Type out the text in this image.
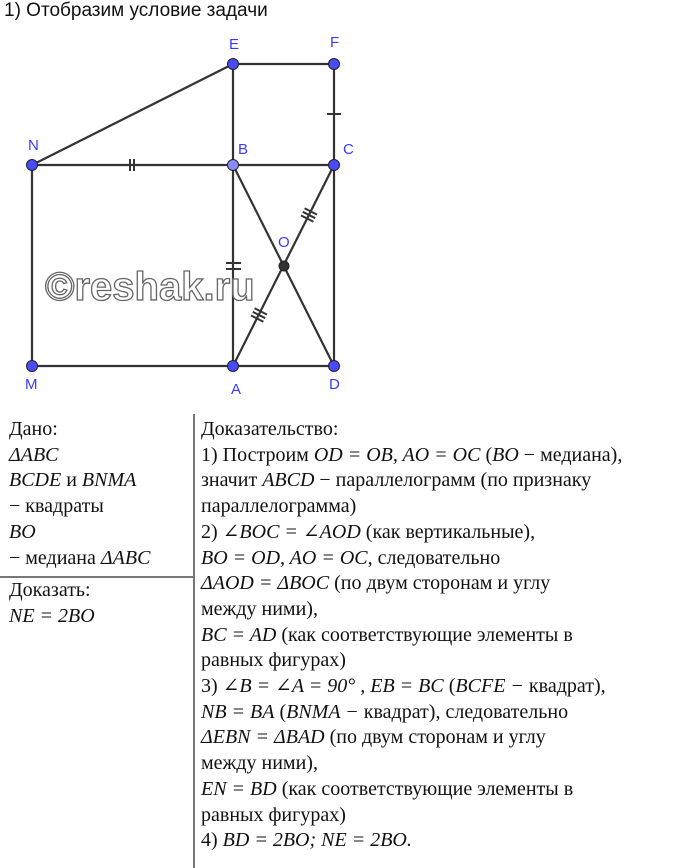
1) Отобразим условие задачи
©reshak.ru
E	F
N	B	C
O
M	A	D
Дано:
ΔABC
BCDE и BNMA
− квадраты
BO
− медиана ΔABC
Доказать:
NE = 2BO
Доказательство:
1) Построим OD = OB, AO = OC (BO − медиана),
значит ABCD − параллелограмм (по признаку
параллелограмма)
2) ∠BOC = ∠AOD (как вертикальные),
BO = OD, AO = OC, следовательно
ΔAOD = ΔBOC (по двум сторонам и углу
между ними),
BC = AD (как соответствующие элементы в
равных фигурах)
3) ∠B = ∠A = 90° , EB = BC (BCFE − квадрат),
NB = BA (BNMA − квадрат), следовательно
ΔEBN = ΔBAD (по двум сторонам и углу
между ними),
EN = BD (как соответствующие элементы в
равных фигурах)
4) BD = 2BO; NE = 2BO.
